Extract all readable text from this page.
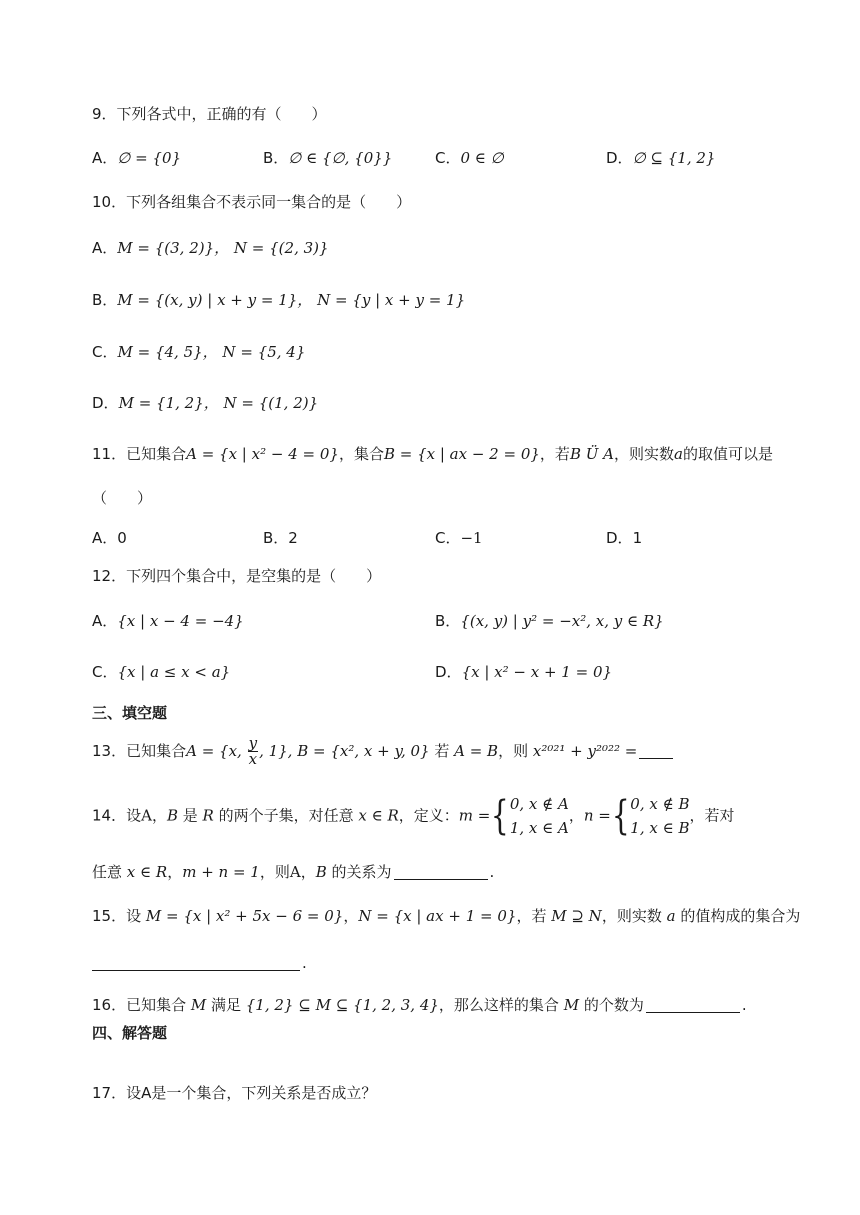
9．下列各式中，正确的有（　　）
A．∅ = {0}	B．∅ ∈ {∅, {0}}	C．0 ∈ ∅	D．∅ ⊆ {1, 2}
10．下列各组集合不表示同一集合的是（　　）
A．M = {(3, 2)}， N = {(2, 3)}
B．M = {(x, y) | x + y = 1}， N = {y | x + y = 1}
C．M = {4, 5}， N = {5, 4}
D．M = {1, 2}， N = {(1, 2)}
11．已知集合A = {x | x² − 4 = 0}，集合B = {x | ax − 2 = 0}，若B Ü A，则实数a的取值可以是
（　　）
A．0	B．2	C．−1	D．1
12．下列四个集合中，是空集的是（　　）
A．{x | x − 4 = −4}	B．{(x, y) | y² = −x², x, y ∈ R}
C．{x | a ≤ x < a}	D．{x | x² − x + 1 = 0}
三、填空题
13．已知集合A = {x, $\frac{y}{x}$ , 1}, B = {x², x + y, 0} 若 A = B，则 x²⁰²¹ + y²⁰²² =
14．设A，B 是 R 的两个子集，对任意 x ∈ R，定义：m ={ 0, x ∉ A
1, x ∈ A
，n ={ 0, x ∉ B
1, x ∈ B
，若对
任意 x ∈ R，m + n = 1，则A，B 的关系为	.
15．设 M = {x | x² + 5x − 6 = 0}，N = {x | ax + 1 = 0}，若 M ⊇ N，则实数 a 的值构成的集合为
.
16．已知集合 M 满足 {1, 2} ⊆ M ⊆ {1, 2, 3, 4}，那么这样的集合 M 的个数为	.
四、解答题
17．设A是一个集合，下列关系是否成立？
